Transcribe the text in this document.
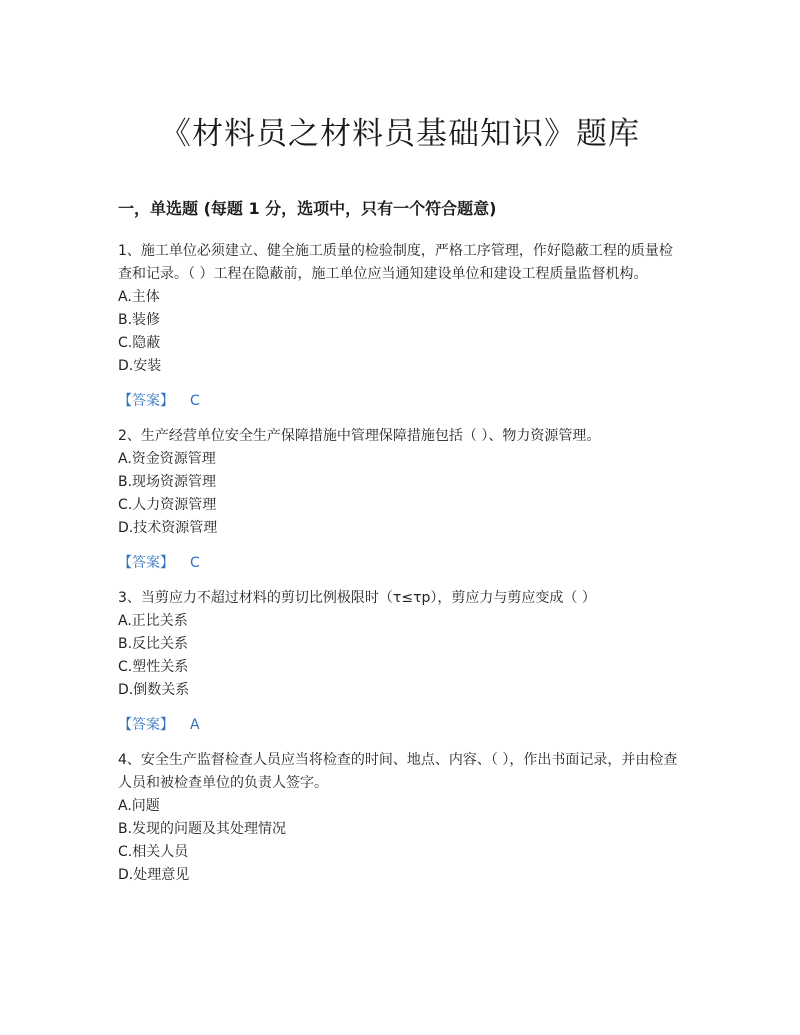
《材料员之材料员基础知识》题库
一，单选题 (每题 1 分，选项中，只有一个符合题意)

1、施工单位必须建立、健全施工质量的检验制度，严格工序管理，作好隐蔽工程的质量检查和记录。（ ）工程在隐蔽前，施工单位应当通知建设单位和建设工程质量监督机构。

A.主体

B.装修

C.隐蔽

D.安装

【答案】 C

2、生产经营单位安全生产保障措施中管理保障措施包括（ ）、物力资源管理。

A.资金资源管理

B.现场资源管理

C.人力资源管理

D.技术资源管理

【答案】 C

3、当剪应力不超过材料的剪切比例极限时（τ≤τp），剪应力与剪应变成（ ）

A.正比关系

B.反比关系

C.塑性关系

D.倒数关系

【答案】 A

4、安全生产监督检查人员应当将检查的时间、地点、内容、（ ），作出书面记录，并由检查人员和被检查单位的负责人签字。

A.问题

B.发现的问题及其处理情况

C.相关人员

D.处理意见
